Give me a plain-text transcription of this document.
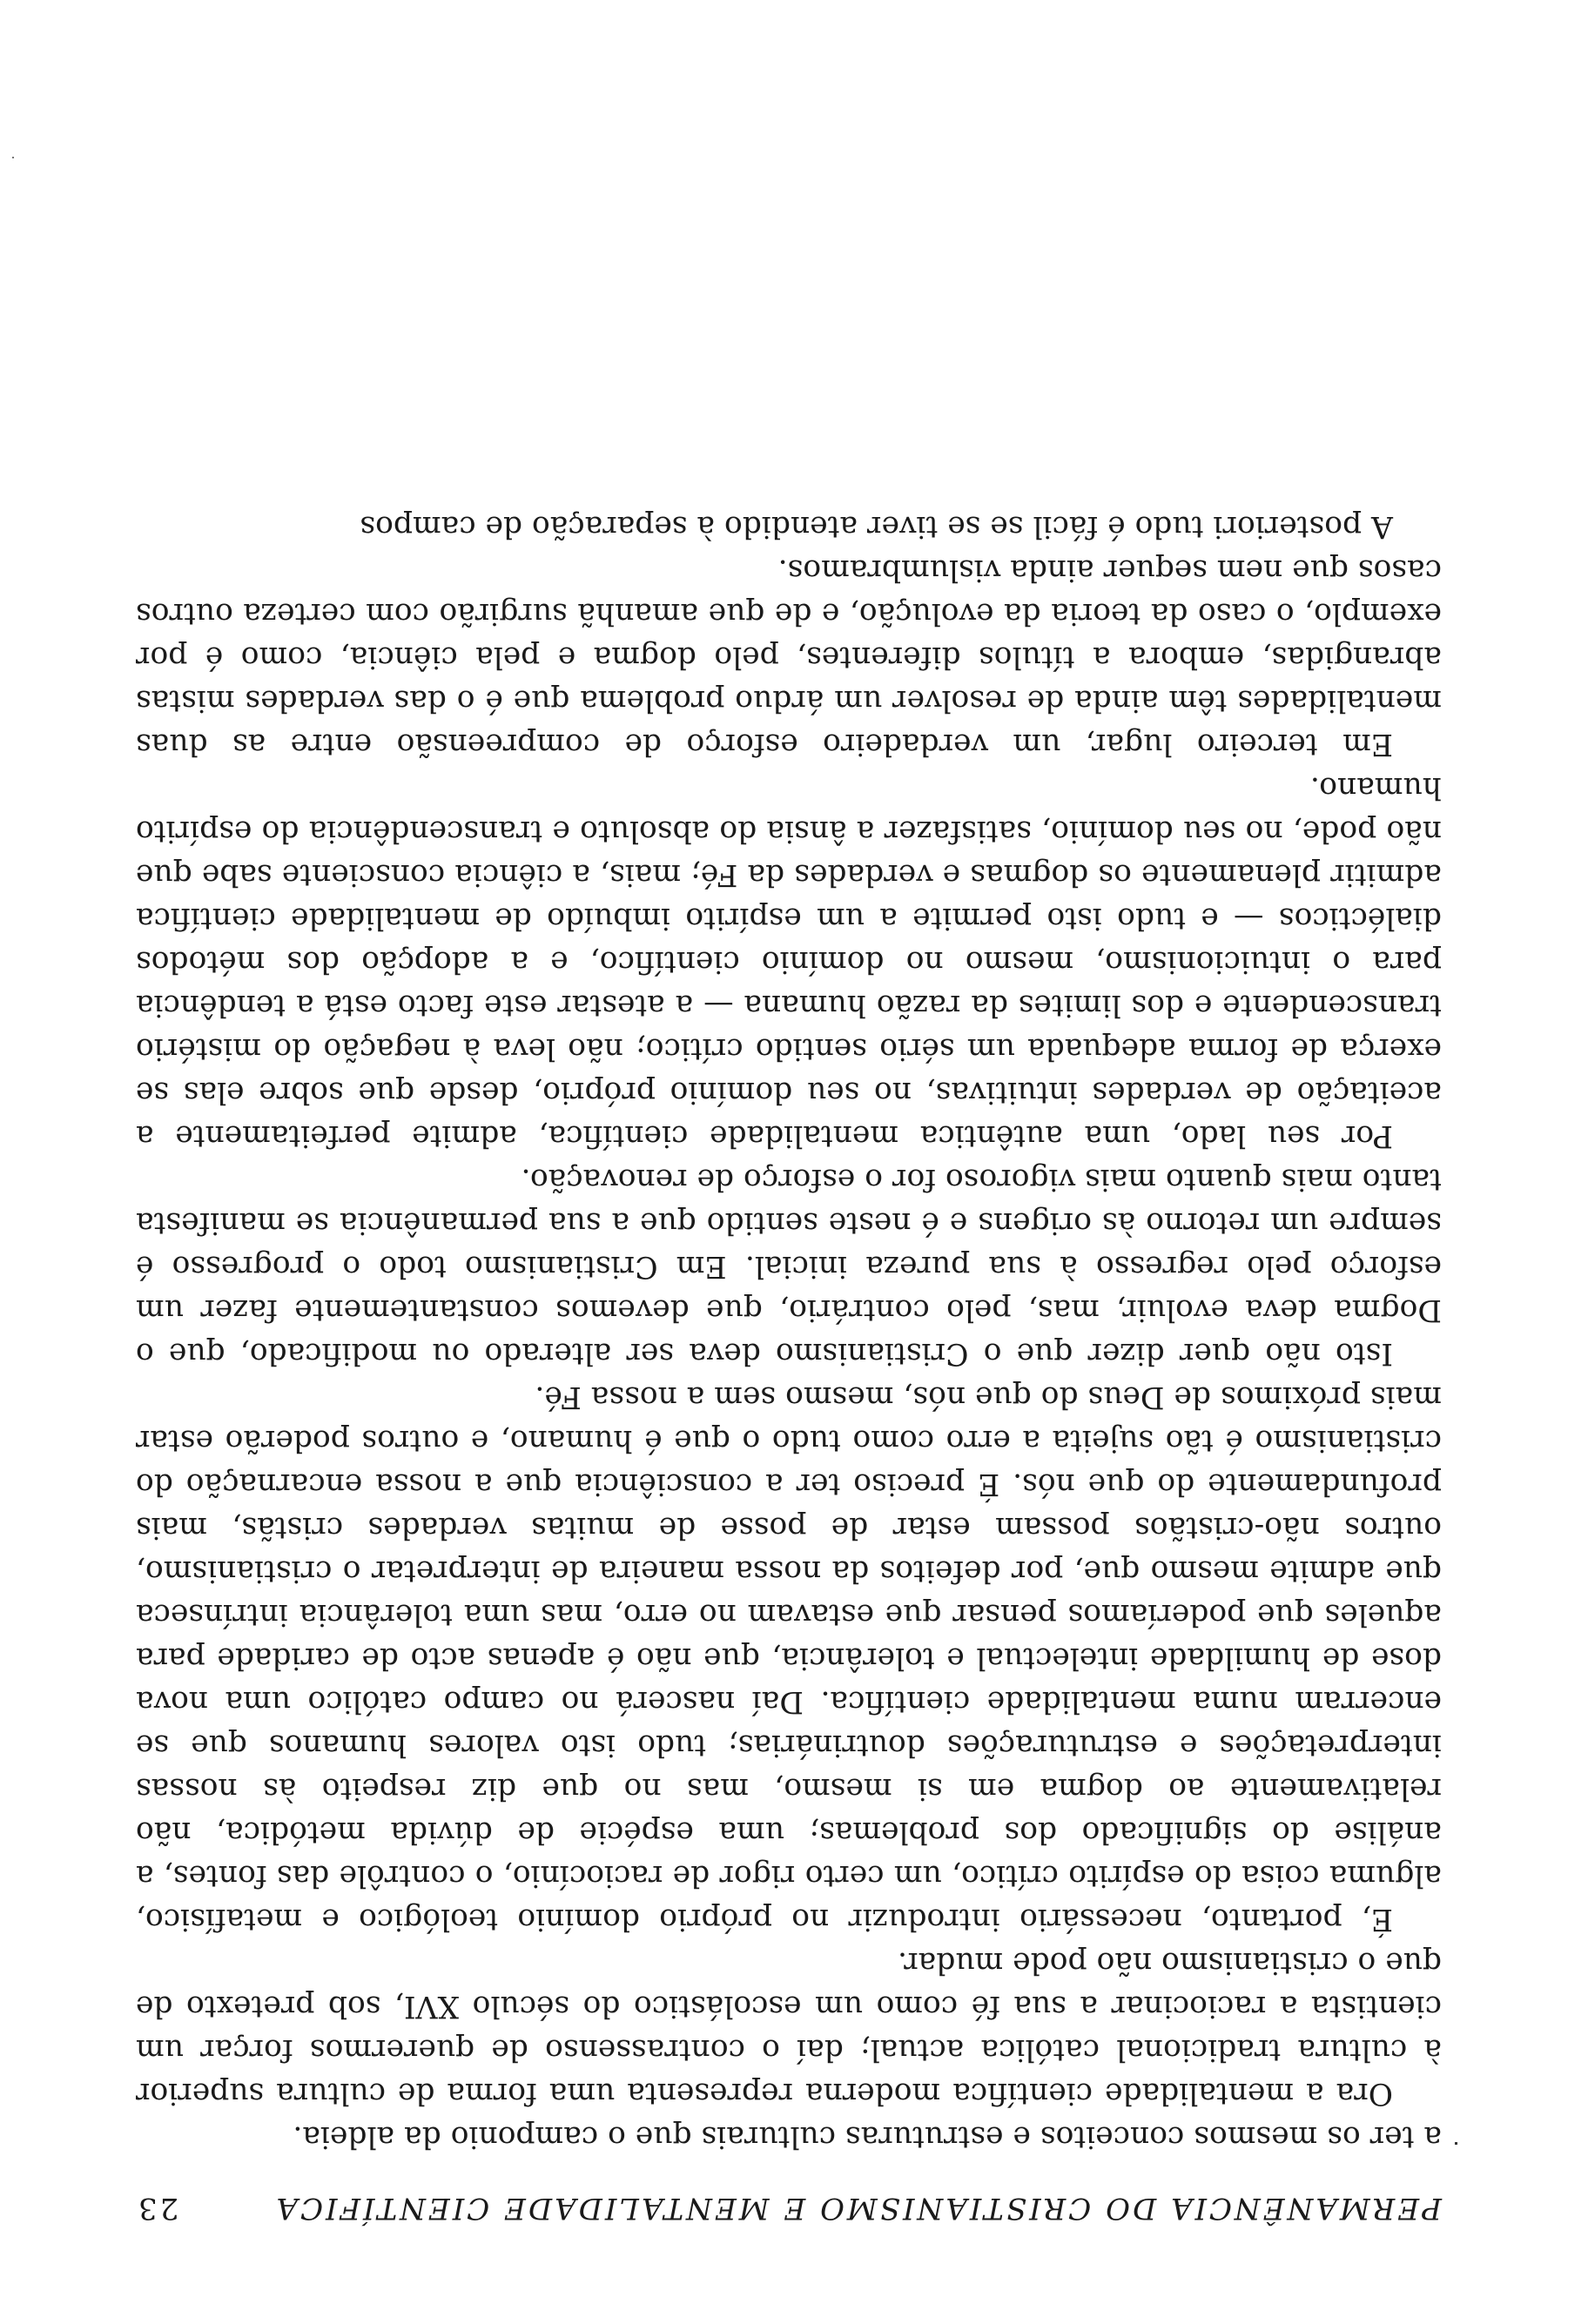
PERMANÊNCIA DO CRISTIANISMO E MENTALIDADE CIENTÍFICA
23

a ter os mesmos conceitos e estruturas culturais que o camponio da aldeia.

Ora a mentalidade científica moderna representa uma forma de cultura superior à cultura tradicional católica actual; daí o contrassenso de querermos forçar um cientista a raciocinar a sua fé como um escolástico do século XVI, sob pretexto de que o cristianismo não pode mudar.

É, portanto, necessário introduzir no próprio domínio teológico e metafísico, alguma coisa do espírito crítico, um certo rigor de raciocínio, o contrôle das fontes, a análise do significado dos problemas; uma espécie de dúvida metódica, não relativamente ao dogma em si mesmo, mas no que diz respeito às nossas interpretações e estruturações doutrinárias; tudo isto valores humanos que se encerram numa mentalidade científica. Daí nascerá no campo católico uma nova dose de humildade intelectual e tolerância, que não é apenas acto de caridade para aqueles que poderíamos pensar que estavam no erro, mas uma tolerância intrínseca que admite mesmo que, por defeitos da nossa maneira de interpretar o cristianismo, outros não-cristãos possam estar de posse de muitas verdades cristãs, mais profundamente do que nós. É preciso ter a consciência que a nossa encarnação do cristianismo é tão sujeita a erro como tudo o que é humano, e outros poderão estar mais próximos de Deus do que nós, mesmo sem a nossa Fé.

Isto não quer dizer que o Cristianismo deva ser alterado ou modificado, que o Dogma deva evoluir, mas, pelo contrário, que devemos constantemente fazer um esforço pelo regresso à sua pureza inicial. Em Cristianismo todo o progresso é sempre um retorno às origens e é neste sentido que a sua permanência se manifesta tanto mais quanto mais vigoroso for o esforço de renovação.

Por seu lado, uma autêntica mentalidade científica, admite perfeitamente a aceitação de verdades intuitivas, no seu domínio próprio, desde que sobre elas se exerça de forma adequada um sério sentido crítico; não leva à negação do mistério transcendente e dos limites da razão humana — a atestar este facto está a tendência para o intuicionismo, mesmo no domínio científico, e a adopção dos métodos dialécticos — e tudo isto permite a um espírito imbuído de mentalidade científica admitir plenamente os dogmas e verdades da Fé; mais, a ciência consciente sabe que não pode, no seu domínio, satisfazer a ânsia do absoluto e transcendência do espírito humano.

Em terceiro lugar, um verdadeiro esforço de compreensão entre as duas mentalidades têm ainda de resolver um árduo problema que é o das verdades mistas abrangidas, embora a títulos diferentes, pelo dogma e pela ciência, como é por exemplo, o caso da teoria da evolução, e de que amanhã surgirão com certeza outros casos que nem sequer ainda vislumbramos.

A posteriori tudo é fácil se se tiver atendido à separação de campos
